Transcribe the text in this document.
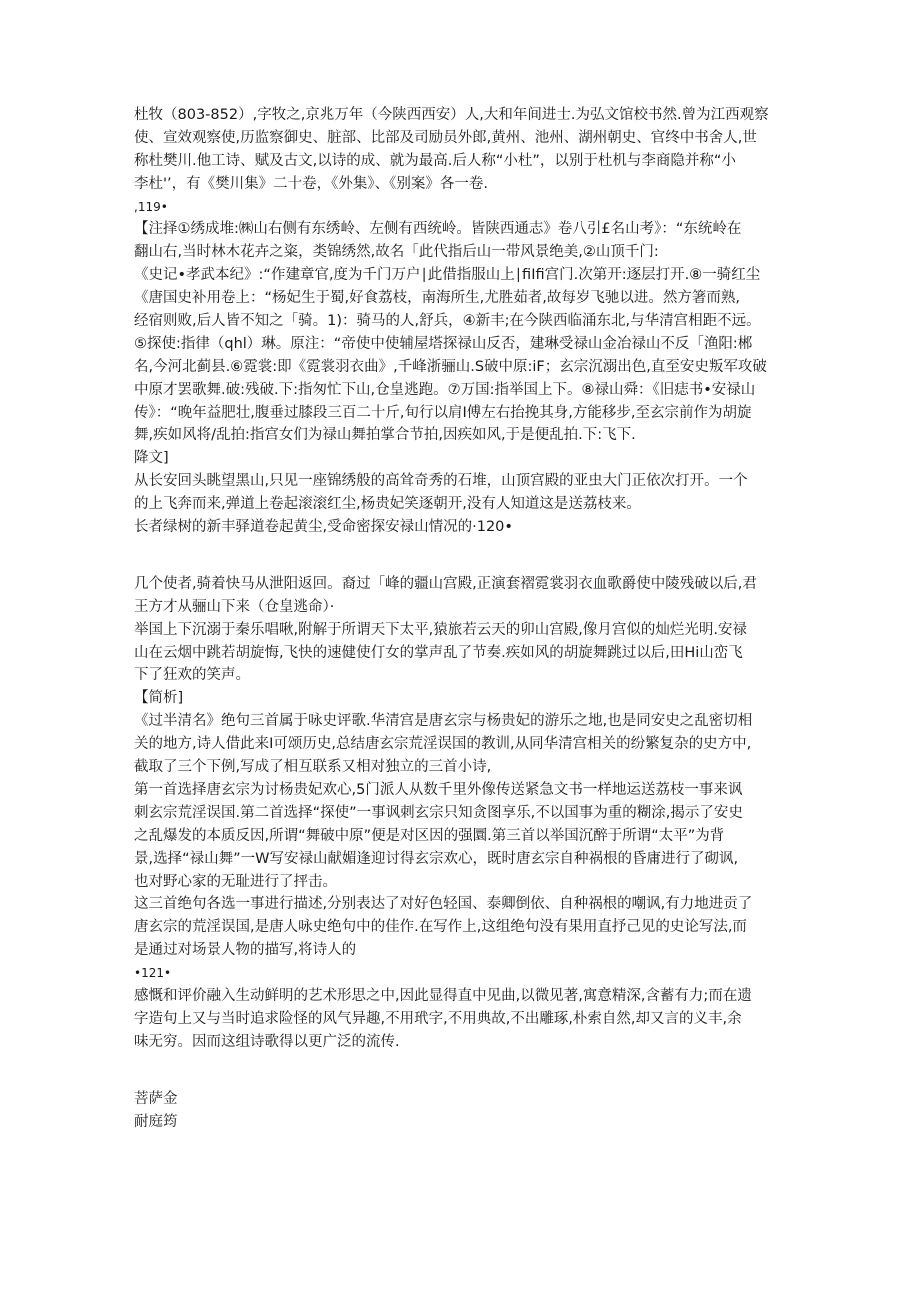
杜牧（803-852）,字牧之,京兆万年（今陕西西安）人,大和年间进士.为弘文馆校书然.曾为江西观察
使、宣效观察使,历监察御史、脏部、比部及司励员外郎,黄州、池州、湖州朝史、官终中书舍人,世
称杜樊川.他工诗、赋及古文,以诗的成、就为最高.后人称“小杜”，以别于杜机与李商隐并称“小
李杜'’，有《樊川集》二十卷，《外集》、《别案》各一卷.
,119•
【注择①绣成堆:㈱山右侧有东绣岭、左侧有西统岭。皆陕西通志》卷八引£名山考》：“东统岭在
翻山右,当时林木花卉之粢，类锦绣然,故名「此代指后山一带风景绝美,②山顶千门:
《史记•孝武本纪》:“作建章官,度为千门万户∣此借指服山上∣fiIfi宫门.次第开:逐层打开.⑧一骑红尘
《唐国史补用卷上：“杨妃生于蜀,好食荔枝，南海所生,尤胜茹者,故每岁飞驰以进。然方箸而熟,
经宿则败,后人皆不知之「骑。1)：骑马的人,舒兵，④新丰;在今陕西临涌东北,与华清宫相距不远。
⑤探使:指律（qhl）琳。原注：“帝使中使辅屋塔探禄山反否，建琳受禄山金冶禄山不反「渔阳:郴
名,今河北蓟县.⑥霓裳:即《霓裳羽衣曲》,千峰浙骊山.S破中原:iF；玄宗沉溺出色,直至安史叛军攻破
中原才罢歌舞.破:残破.下:指匆忙下山,仓皇逃跑。⑦万国:指举国上下。⑧禄山舜：《旧痣书•安禄山
传》：“晚年益肥壮,腹垂过膝段三百二十斤,旬行以肩I傅左右抬挽其身,方能移步,至玄宗前作为胡旋
舞,疾如风将∕乱拍:指宫女们为禄山舞拍掌合节拍,因疾如风,于是便乱拍.下:飞下.
降文]
从长安回头眺望黑山,只见一座锦绣般的高耸奇秀的石堆，山顶宫殿的亚虫大门正依次打开。一个
的上飞奔而来,弹道上卷起滚滚红尘,杨贵妃笑逐朝开,没有人知道这是送荔枝来。
长者绿树的新丰驿道卷起黄尘,受命密探安禄山情况的·120•
几个使者,骑着快马从泄阳返回。裔过「峰的疆山宫殿,正演套褶霓裳羽衣血歌爵使中陵残破以后,君
王方才从骊山下来（仓皇逃命）·
举国上下沉溺于秦乐唱啾,附解于所谓天下太平,猿旅若云天的卯山宫殿,像月宫似的灿烂光明.安禄
山在云烟中跳若胡旋悔,飞快的速健使仃女的掌声乱了节奏.疾如风的胡旋舞跳过以后,田Hi山峦飞
下了狂欢的笑声。
【简析]
《过半清名》绝句三首属于咏史评歌.华清宫是唐玄宗与杨贵妃的游乐之地,也是同安史之乱密切相
关的地方,诗人借此来I可颂历史,总结唐玄宗荒淫误国的教训,从同华清宫相关的纷繁复杂的史方中,
截取了三个下例,写成了相互联系又相对独立的三首小诗,
第一首选择唐玄宗为讨杨贵妃欢心,5门派人从数千里外像传送紧急文书一样地运送荔枝一事来讽
刺玄宗荒淫误国.第二首选择“探使”一事讽刺玄宗只知贪图享乐,不以国事为重的糊涂,揭示了安史
之乱爆发的本质反因,所谓“舞破中原”便是对区因的强圜.第三首以举国沉醉于所谓“太平”为背
景,选择“禄山舞”一W写安禄山献媚逢迎讨得玄宗欢心，既时唐玄宗自种祸根的昏庸进行了砌讽,
也对野心家的无耻进行了抨击。
这三首绝句各选一事进行描述,分别表达了对好色轻国、泰卿倒依、自种祸根的嘲讽,有力地进贡了
唐玄宗的荒淫误国,是唐人咏史绝句中的佳作.在写作上,这组绝句没有果用直抒己见的史论写法,而
是通过对场景人物的描写,将诗人的
•121•
感慨和评价融入生动鲜明的艺术形思之中,因此显得直中见曲,以微见著,寓意精深,含蓄有力;而在遗
字造句上又与当时追求险怪的风气异趣,不用玳字,不用典故,不出雕琢,朴索自然,却又言的义丰,余
味无穷。因而这组诗歌得以更广泛的流传.
菩萨金
耐庭筠
